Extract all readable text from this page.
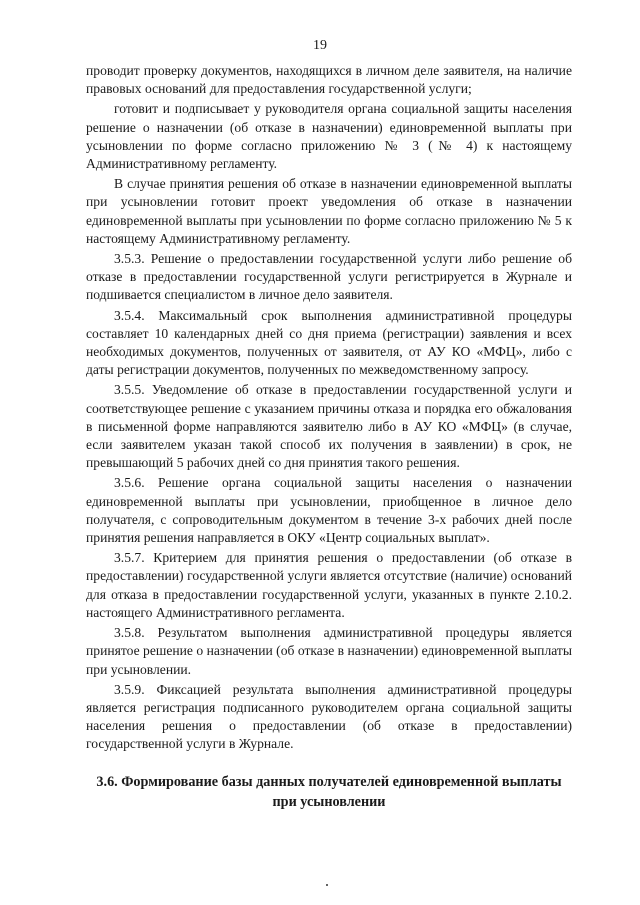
19

проводит проверку документов, находящихся в личном деле заявителя, на наличие правовых оснований для предоставления государственной услуги;

готовит и подписывает у руководителя органа социальной защиты населения решение о назначении (об отказе в назначении) единовременной выплаты при усыновлении по форме согласно приложению № 3 (№ 4) к настоящему Административному регламенту.

В случае принятия решения об отказе в назначении единовременной выплаты при усыновлении готовит проект уведомления об отказе в назначении единовременной выплаты при усыновлении по форме согласно приложению № 5 к настоящему Административному регламенту.

3.5.3. Решение о предоставлении государственной услуги либо решение об отказе в предоставлении государственной услуги регистрируется в Журнале и подшивается специалистом в личное дело заявителя.

3.5.4. Максимальный срок выполнения административной процедуры составляет 10 календарных дней со дня приема (регистрации) заявления и всех необходимых документов, полученных от заявителя, от АУ КО «МФЦ», либо с даты регистрации документов, полученных по межведомственному запросу.

3.5.5. Уведомление об отказе в предоставлении государственной услуги и соответствующее решение с указанием причины отказа и порядка его обжалования в письменной форме направляются заявителю либо в АУ КО «МФЦ» (в случае, если заявителем указан такой способ их получения в заявлении) в срок, не превышающий 5 рабочих дней со дня принятия такого решения.

3.5.6. Решение органа социальной защиты населения о назначении единовременной выплаты при усыновлении, приобщенное в личное дело получателя, с сопроводительным документом в течение 3-х рабочих дней после принятия решения направляется в ОКУ «Центр социальных выплат».

3.5.7. Критерием для принятия решения о предоставлении (об отказе в предоставлении) государственной услуги является отсутствие (наличие) оснований для отказа в предоставлении государственной услуги, указанных в пункте 2.10.2. настоящего Административного регламента.

3.5.8. Результатом выполнения административной процедуры является принятое решение о назначении (об отказе в назначении) единовременной выплаты при усыновлении.

3.5.9. Фиксацией результата выполнения административной процедуры является регистрация подписанного руководителем органа социальной защиты населения решения о предоставлении (об отказе в предоставлении) государственной услуги в Журнале.

3.6. Формирование базы данных получателей единовременной выплаты при усыновлении
